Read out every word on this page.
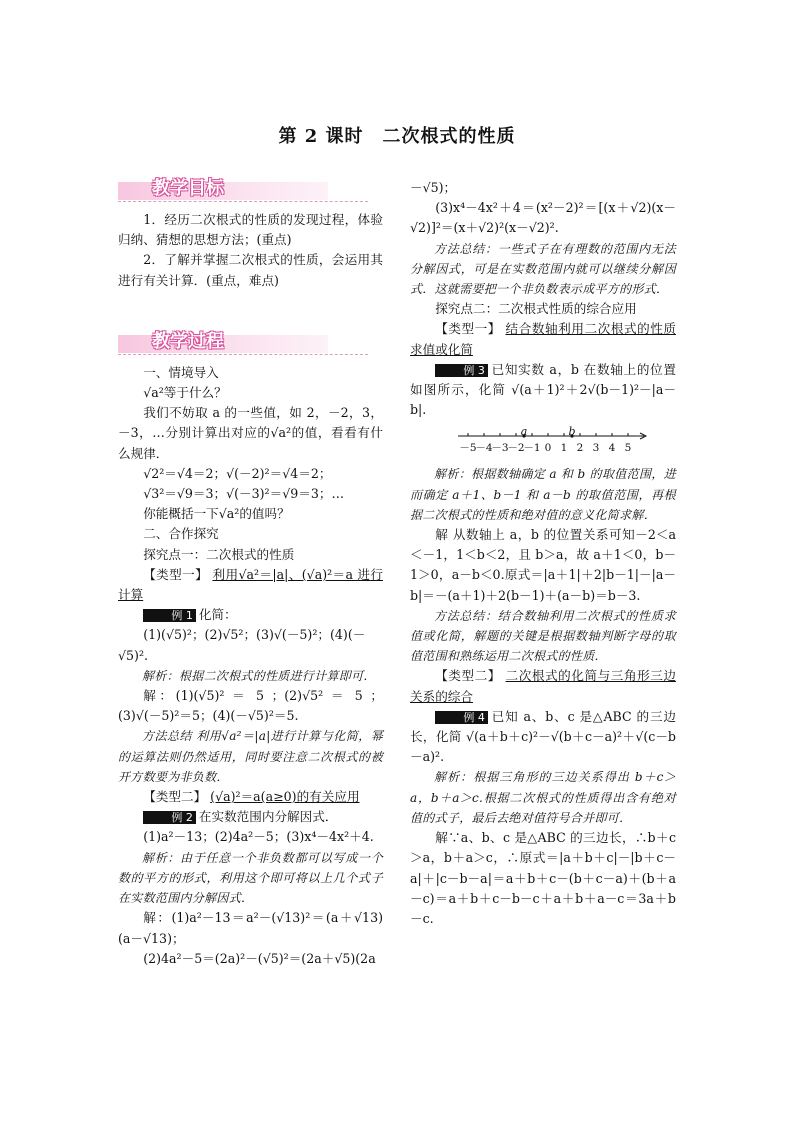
第 2 课时　二次根式的性质
教学目标

1．经历二次根式的性质的发现过程，体验归纳、猜想的思想方法；(重点)

2．了解并掌握二次根式的性质，会运用其进行有关计算．(重点，难点)

教学过程

一、情境导入

√a²等于什么？

我们不妨取 a 的一些值，如 2，－2，3，－3，…分别计算出对应的√a²的值，看看有什么规律．

√2²＝√4＝2；√(－2)²＝√4＝2；

√3²＝√9＝3；√(－3)²＝√9＝3；…

你能概括一下√a²的值吗？

二、合作探究

探究点一：二次根式的性质

【类型一】 利用√a²＝|a|、(√a)²＝a 进行计算

例 1 化简：

(1)(√5)²；(2)√5²；(3)√(－5)²；(4)(－√5)².

解析：根据二次根式的性质进行计算即可．

解：(1)(√5)² ＝ 5 ；(2)√5² ＝ 5 ；(3)√(－5)²＝5；(4)(－√5)²＝5.

方法总结 利用√a²＝|a|进行计算与化简，幂的运算法则仍然适用，同时要注意二次根式的被开方数要为非负数．

【类型二】 (√a)²＝a(a≥0)的有关应用

例 2 在实数范围内分解因式．

(1)a²－13；(2)4a²－5；(3)x⁴－4x²＋4.

解析：由于任意一个非负数都可以写成一个数的平方的形式，利用这个即可将以上几个式子在实数范围内分解因式．

解：(1)a²－13＝a²－(√13)²＝(a＋√13)(a－√13)；

(2)4a²－5＝(2a)²－(√5)²＝(2a＋√5)(2a

－√5)；

(3)x⁴－4x²＋4＝(x²－2)²＝[(x＋√2)(x－√2)]²＝(x＋√2)²(x－√2)².

方法总结：一些式子在有理数的范围内无法分解因式，可是在实数范围内就可以继续分解因式．这就需要把一个非负数表示成平方的形式．

探究点二：二次根式性质的综合应用

【类型一】 结合数轴利用二次根式的性质求值或化简

例 3 已知实数 a，b 在数轴上的位置如图所示，化简 √(a＋1)²＋2√(b－1)²－|a－b|.

－5
－4
－3
－2
－1 0 1 2 3 4 5
a	b

解析：根据数轴确定 a 和 b 的取值范围，进而确定 a＋1、b－1 和 a－b 的取值范围，再根据二次根式的性质和绝对值的意义化简求解．

解 从数轴上 a，b 的位置关系可知－2＜a＜－1，1＜b＜2，且 b＞a，故 a＋1＜0，b－1＞0，a－b＜0.原式＝|a＋1|＋2|b－1|－|a－b|＝－(a＋1)＋2(b－1)＋(a－b)＝b－3.

方法总结：结合数轴利用二次根式的性质求值或化简，解题的关键是根据数轴判断字母的取值范围和熟练运用二次根式的性质．

【类型二】 二次根式的化简与三角形三边关系的综合

例 4 已知 a、b、c 是△ABC 的三边长，化简 √(a＋b＋c)²－√(b＋c－a)²＋√(c－b－a)².

解析：根据三角形的三边关系得出 b＋c＞a，b＋a＞c.根据二次根式的性质得出含有绝对值的式子，最后去绝对值符号合并即可．

解∵a、b、c 是△ABC 的三边长，∴b＋c＞a，b＋a＞c，∴原式＝|a＋b＋c|－|b＋c－a|＋|c－b－a|＝a＋b＋c－(b＋c－a)＋(b＋a－c)＝a＋b＋c－b－c＋a＋b＋a－c＝3a＋b－c.
